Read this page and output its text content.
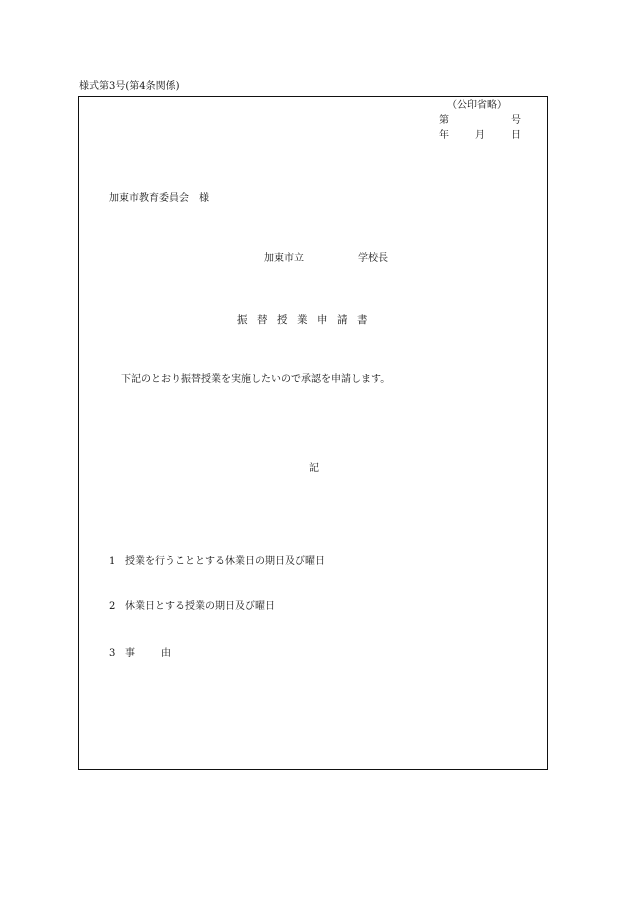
様式第3号(第4条関係)
（公印省略）
第	号
年	月	日
加東市教育委員会　様
加東市立	学校長
振替授業申請書
下記のとおり振替授業を実施したいので承認を申請します。
記
1 授業を行うこととする休業日の期日及び曜日
2 休業日とする授業の期日及び曜日
3 事由
